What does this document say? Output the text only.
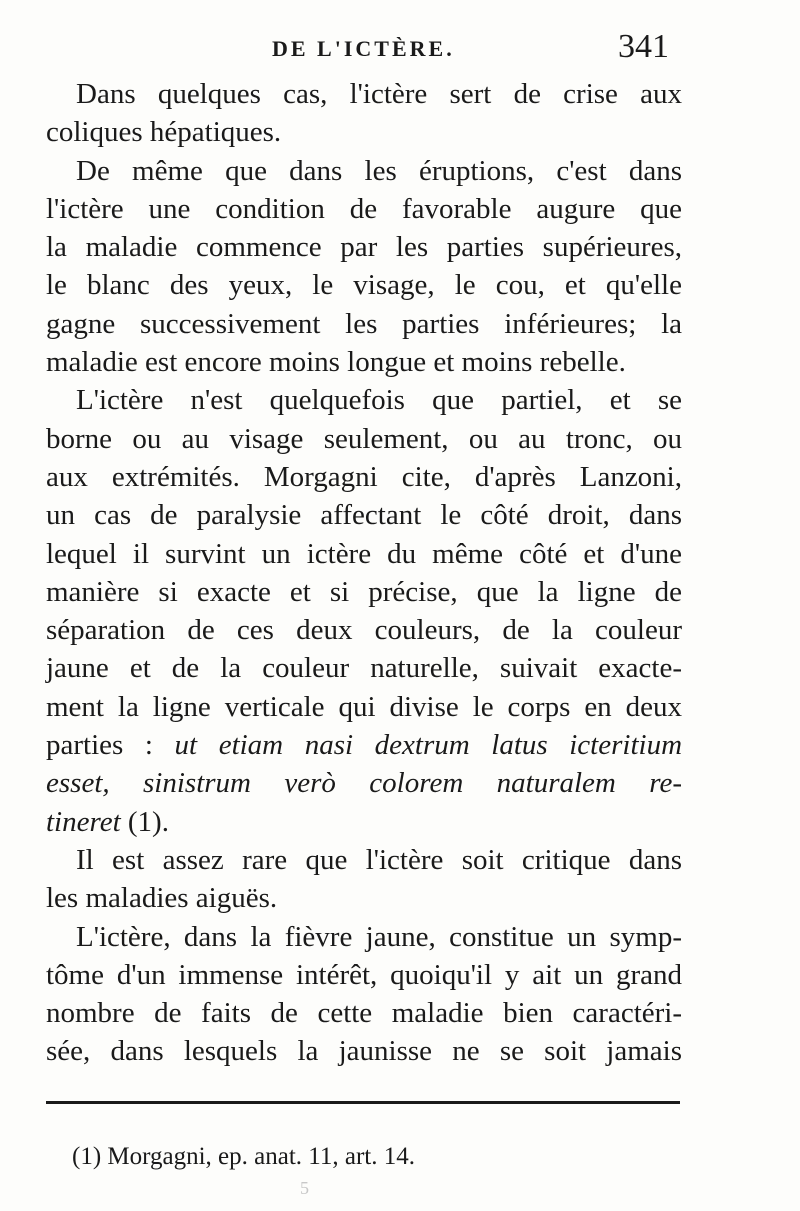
DE L'ICTÈRE.	341
Dans quelques cas, l'ictère sert de crise aux
coliques hépatiques.
De même que dans les éruptions, c'est dans
l'ictère une condition de favorable augure que
la maladie commence par les parties supérieures,
le blanc des yeux, le visage, le cou, et qu'elle
gagne successivement les parties inférieures; la
maladie est encore moins longue et moins rebelle.
L'ictère n'est quelquefois que partiel, et se
borne ou au visage seulement, ou au tronc, ou
aux extrémités. Morgagni cite, d'après Lanzoni,
un cas de paralysie affectant le côté droit, dans
lequel il survint un ictère du même côté et d'une
manière si exacte et si précise, que la ligne de
séparation de ces deux couleurs, de la couleur
jaune et de la couleur naturelle, suivait exacte-
ment la ligne verticale qui divise le corps en deux
parties : ut etiam nasi dextrum latus icteritium
esset, sinistrum verò colorem naturalem re-
tineret (1).
Il est assez rare que l'ictère soit critique dans
les maladies aiguës.
L'ictère, dans la fièvre jaune, constitue un symp-
tôme d'un immense intérêt, quoiqu'il y ait un grand
nombre de faits de cette maladie bien caractéri-
sée, dans lesquels la jaunisse ne se soit jamais
(1) Morgagni, ep. anat. 11, art. 14.
5
